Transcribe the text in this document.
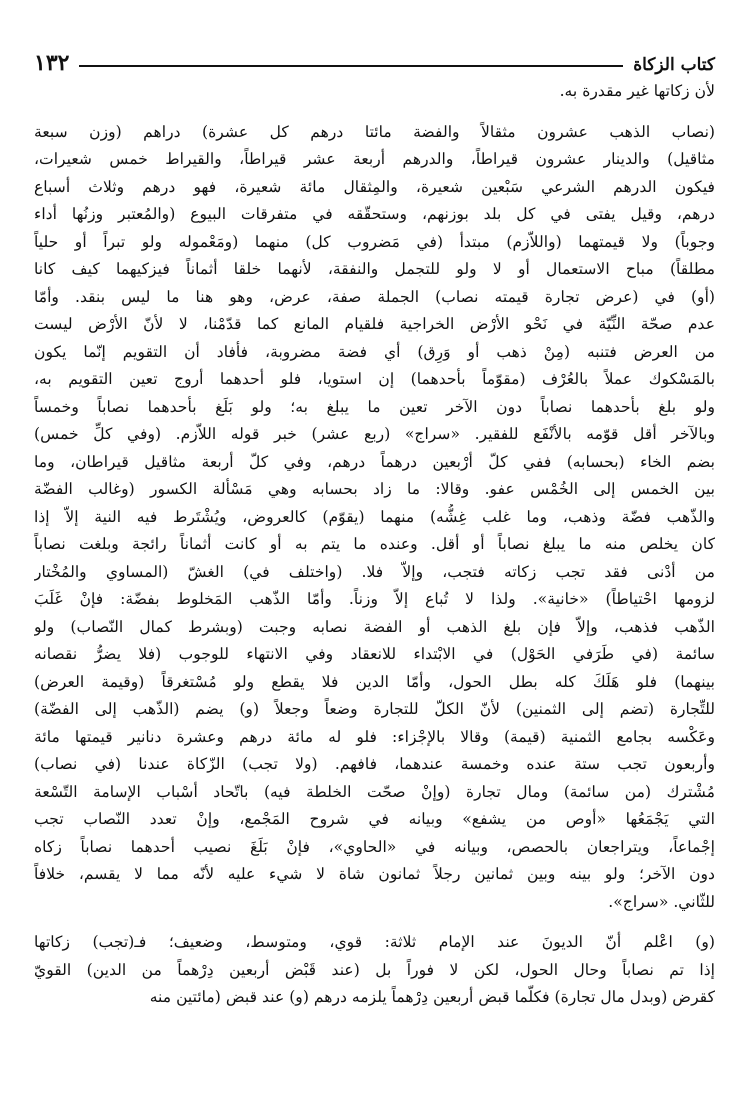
١٣٢	كتاب الزكاة
لأن زكاتها غير مقدرة به.
(نصاب الذهب عشرون مثقالاً والفضة مائتا درهم كل عشرة) دراهم (وزن سبعة
مثاقيل) والدينار عشرون قيراطاً، والدرهم أربعة عشر قيراطاً، والقيراط خمس شعيرات،
فيكون الدرهم الشرعي سَبْعين شعيرة، والمِثقال مائة شعيرة، فهو درهم وثلاث أسباع
درهم، وقيل يفتى في كل بلد بوزنهم، وستحقّقه في متفرقات البيوع (والمُعتبر وزنُها أداء
وجوباً) ولا قيمتهما (واللاّزم) مبتدأ (في مَضروب كل) منهما (ومَعْموله ولو تبراً أو حلياً
مطلقاً) مباح الاستعمال أو لا ولو للتجمل والنفقة، لأنهما خلقا أثماناً فيزكيهما كيف كانا
(أو) في (عرض تجارة قيمته نصاب) الجملة صفة، عرض، وهو هنا ما ليس بنقد. وأمّا
عدم صحّة النِّيّة في نَحْو الأرْض الخراجية فلقيام المانع كما قدّمْنا، لا لأنّ الأرْض ليست
من العرض فتنبه (مِنْ ذهب أو وَرِق) أي فضة مضروبة، فأفاد أن التقويم إنّما يكون
بالمَسْكوك عملاً بالعُرْف (مقوّماً بأحدهما) إن استويا، فلو أحدهما أروج تعين التقويم به،
ولو بلغ بأحدهما نصاباً دون الآخر تعين ما يبلغ به؛ ولو بَلَغ بأحدهما نصاباً وخمساً
وبالآخر أقل قوّمه بالأنْفَع للفقير. «سراج» (ربع عشر) خبر قوله اللاّزم. (وفي كلِّ خمس)
بضم الخاء (بحسابه) ففي كلّ أرْبعين درهماً درهم، وفي كلّ أربعة مثاقيل قيراطان، وما
بين الخمس إلى الخُمْس عفو. وقالا: ما زاد بحسابه وهي مَسْألة الكسور (وغالب الفضّة
والذّهب فضّة وذهب، وما غلب غِشُّه) منهما (يقوّم) كالعروض، ويُشْتَرط فيه النية إلاّ إذا
كان يخلص منه ما يبلغ نصاباً أو أقل. وعنده ما يتم به أو كانت أثماناً رائجة وبلغت نصاباً
من أدْنى فقد تجب زكاته فتجب، وإلاّ فلا. (واختلف في) الغشّ (المساوي والمُخْتار
لزومها احْتياطاً) «خانية». ولذا لا تُباع إلاّ وزناً. وأمّا الذّهب المَخلوط بفضّة: فإنْ غَلَبَ
الذّهب فذهب، وإلاّ فإن بلغ الذهب أو الفضة نصابه وجبت (وبشرط كمال النّصاب) ولو
سائمة (في طَرَفي الحَوْل) في الابْتداء للانعقاد وفي الانتهاء للوجوب (فلا يضرُّ نقصانه
بينهما) فلو هَلَكَ كله بطل الحول، وأمّا الدين فلا يقطع ولو مُسْتغرقاً (وقيمة العرض)
للتِّجارة (تضم إلى الثمنين) لأنّ الكلّ للتجارة وضعاً وجعلاً (و) يضم (الذّهب إلى الفضّة)
وعَكْسه بجامع الثمنية (قيمة) وقالا بالإجْزاء: فلو له مائة درهم وعشرة دنانير قيمتها مائة
وأربعون تجب ستة عنده وخمسة عندهما، فافهم. (ولا تجب) الزّكاة عندنا (في نصاب)
مُشْترك (من سائمة) ومال تجارة (وإنْ صحّت الخلطة فيه) باتّحاد أسْباب الإسامة التّسْعة
التي يَجْمَعُها «أوص من يشفع» وبيانه في شروح المَجْمع، وإنْ تعدد النّصاب تجب
إجْماعاً، ويتراجعان بالحصص، وبيانه في «الحاوي»، فإنْ بَلَغَ نصيب أحدهما نصاباً زكاه
دون الآخر؛ ولو بينه وبين ثمانين رجلاً ثمانون شاة لا شيء عليه لأنّه مما لا يقسم، خلافاً
للثّاني. «سراج».
(و) اعْلم أنّ الديونَ عند الإمام ثلاثة: قوي، ومتوسط، وضعيف؛ فـ(تجب) زكاتها
إذا تم نصاباً وحال الحول، لكن لا فوراً بل (عند قَبْض أربعين دِرْهماً من الدين) القويّ
كقرض (وبدل مال تجارة) فكلّما قبض أربعين دِرْهماً يلزمه درهم (و) عند قبض (مائتين منه
